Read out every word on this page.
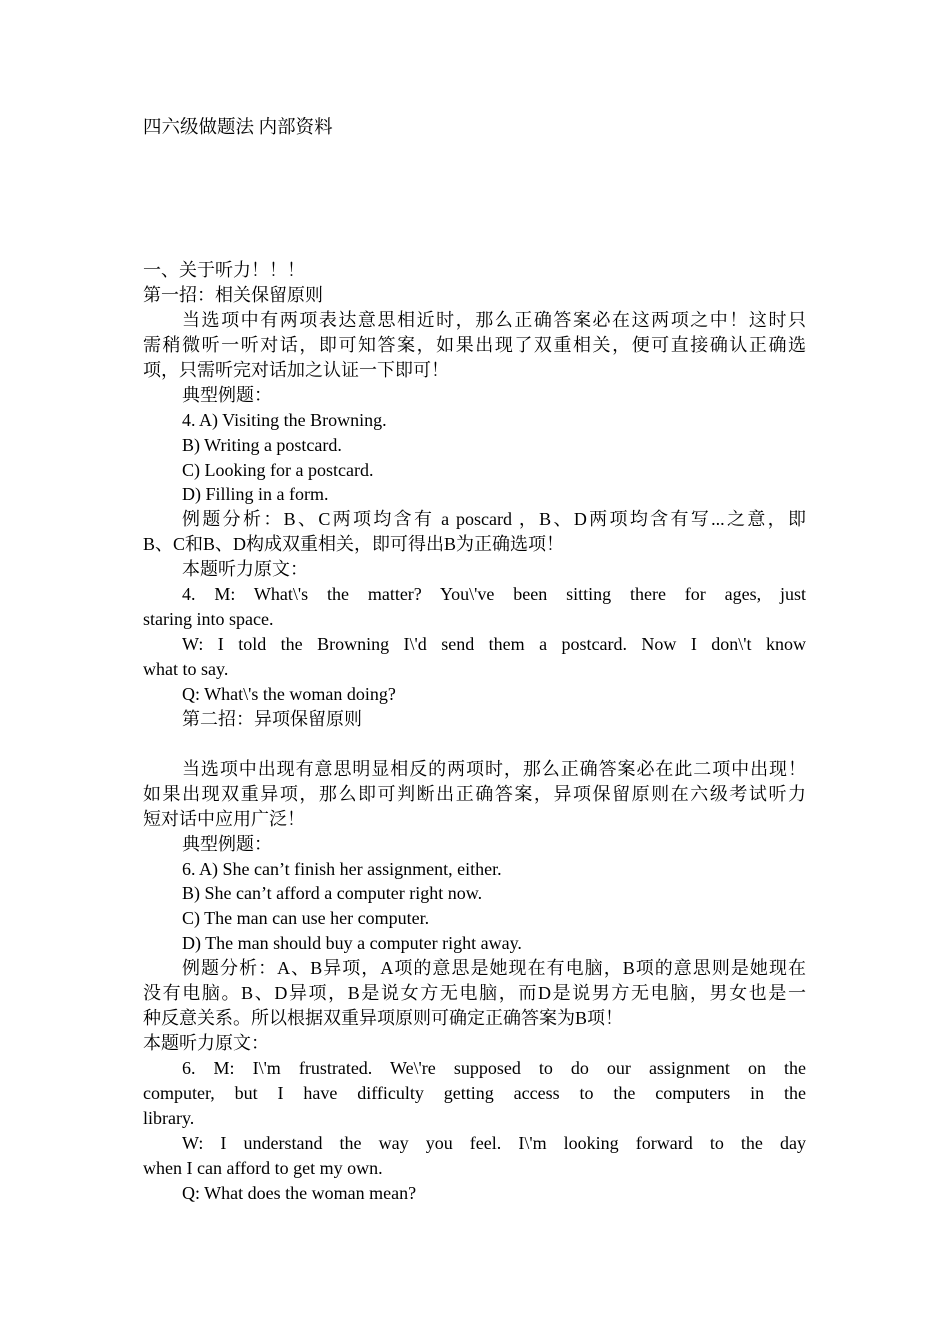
四六级做题法 内部资料
一、关于听力！！！
第一招：相关保留原则
当选项中有两项表达意思相近时，那么正确答案必在这两项之中！这时只
需稍微听一听对话，即可知答案，如果出现了双重相关，便可直接确认正确选
项，只需听完对话加之认证一下即可！
典型例题：
4. A) Visiting the Browning.
B) Writing a postcard.
C) Looking for a postcard.
D) Filling in a form.
例题分析：B、C两项均含有 a poscard ，B、D两项均含有写...之意，即
B、C和B、D构成双重相关，即可得出B为正确选项！
本题听力原文：
4. M: What\'s the matter? You\'ve been sitting there for ages, just
staring into space.
W: I told the Browning I\'d send them a postcard. Now I don\'t know
what to say.
Q: What\'s the woman doing?
第二招：异项保留原则
当选项中出现有意思明显相反的两项时，那么正确答案必在此二项中出现！
如果出现双重异项，那么即可判断出正确答案，异项保留原则在六级考试听力
短对话中应用广泛！
典型例题：
6. A) She can’t finish her assignment, either.
B) She can’t afford a computer right now.
C) The man can use her computer.
D) The man should buy a computer right away.
例题分析：A、B异项，A项的意思是她现在有电脑，B项的意思则是她现在
没有电脑。B、D异项，B是说女方无电脑，而D是说男方无电脑，男女也是一
种反意关系。所以根据双重异项原则可确定正确答案为B项！
本题听力原文：
6. M: I\'m frustrated. We\'re supposed to do our assignment on the
computer, but I have difficulty getting access to the computers in the
library.
W: I understand the way you feel. I\'m looking forward to the day
when I can afford to get my own.
Q: What does the woman mean?
